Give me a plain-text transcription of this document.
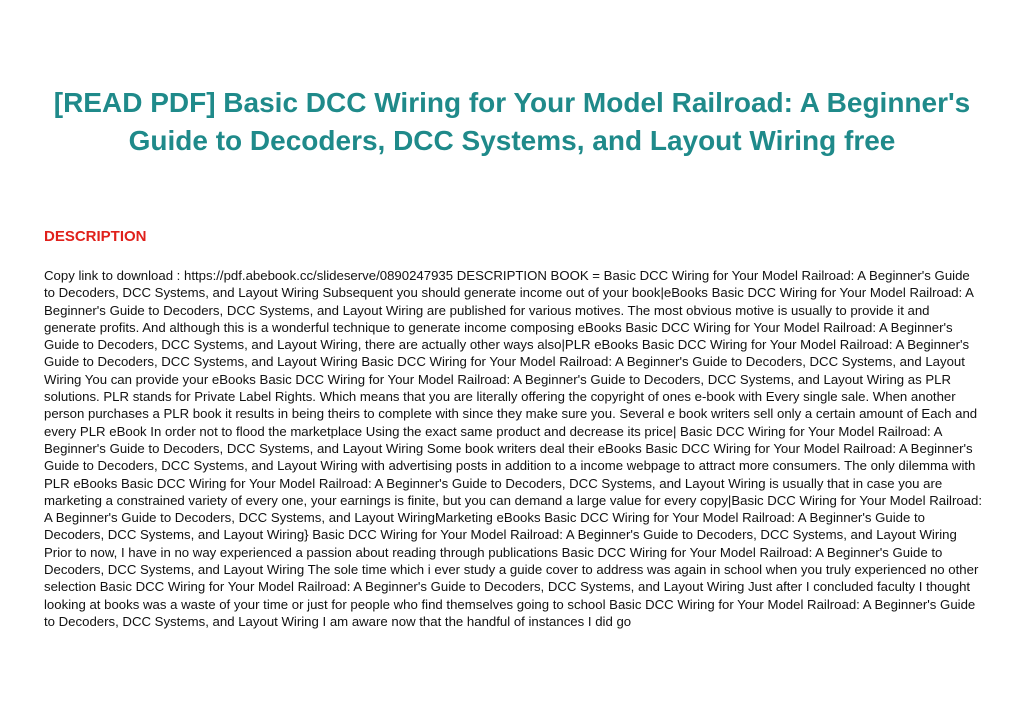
[READ PDF] Basic DCC Wiring for Your Model Railroad: A Beginner's Guide to Decoders, DCC Systems, and Layout Wiring free
DESCRIPTION

Copy link to download : https://pdf.abebook.cc/slideserve/0890247935 DESCRIPTION BOOK = Basic DCC Wiring for Your Model Railroad: A Beginner's Guide to Decoders, DCC Systems, and Layout Wiring Subsequent you should generate income out of your book|eBooks Basic DCC Wiring for Your Model Railroad: A Beginner's Guide to Decoders, DCC Systems, and Layout Wiring are published for various motives. The most obvious motive is usually to provide it and generate profits. And although this is a wonderful technique to generate income composing eBooks Basic DCC Wiring for Your Model Railroad: A Beginner's Guide to Decoders, DCC Systems, and Layout Wiring, there are actually other ways also|PLR eBooks Basic DCC Wiring for Your Model Railroad: A Beginner's Guide to Decoders, DCC Systems, and Layout Wiring Basic DCC Wiring for Your Model Railroad: A Beginner's Guide to Decoders, DCC Systems, and Layout Wiring You can provide your eBooks Basic DCC Wiring for Your Model Railroad: A Beginner's Guide to Decoders, DCC Systems, and Layout Wiring as PLR solutions. PLR stands for Private Label Rights. Which means that you are literally offering the copyright of ones e-book with Every single sale. When another person purchases a PLR book it results in being theirs to complete with since they make sure you. Several e book writers sell only a certain amount of Each and every PLR eBook In order not to flood the marketplace Using the exact same product and decrease its price| Basic DCC Wiring for Your Model Railroad: A Beginner's Guide to Decoders, DCC Systems, and Layout Wiring Some book writers deal their eBooks Basic DCC Wiring for Your Model Railroad: A Beginner's Guide to Decoders, DCC Systems, and Layout Wiring with advertising posts in addition to a income webpage to attract more consumers. The only dilemma with PLR eBooks Basic DCC Wiring for Your Model Railroad: A Beginner's Guide to Decoders, DCC Systems, and Layout Wiring is usually that in case you are marketing a constrained variety of every one, your earnings is finite, but you can demand a large value for every copy|Basic DCC Wiring for Your Model Railroad: A Beginner's Guide to Decoders, DCC Systems, and Layout WiringMarketing eBooks Basic DCC Wiring for Your Model Railroad: A Beginner's Guide to Decoders, DCC Systems, and Layout Wiring} Basic DCC Wiring for Your Model Railroad: A Beginner's Guide to Decoders, DCC Systems, and Layout Wiring Prior to now, I have in no way experienced a passion about reading through publications Basic DCC Wiring for Your Model Railroad: A Beginner's Guide to Decoders, DCC Systems, and Layout Wiring The sole time which i ever study a guide cover to address was again in school when you truly experienced no other selection Basic DCC Wiring for Your Model Railroad: A Beginner's Guide to Decoders, DCC Systems, and Layout Wiring Just after I concluded faculty I thought looking at books was a waste of your time or just for people who find themselves going to school Basic DCC Wiring for Your Model Railroad: A Beginner's Guide to Decoders, DCC Systems, and Layout Wiring I am aware now that the handful of instances I did go
